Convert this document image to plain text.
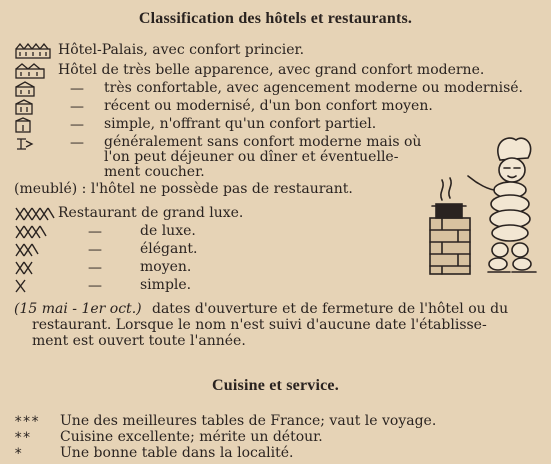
Classification des hôtels et restaurants.
Hôtel-Palais, avec confort princier.
Hôtel de très belle apparence, avec grand confort moderne.
— très confortable, avec agencement moderne ou modernisé.
— récent ou modernisé, d'un bon confort moyen.
— simple, n'offrant qu'un confort partiel.
— généralement sans confort moderne mais où
l'on peut déjeuner ou dîner et éventuelle-
ment coucher.
(meublé) : l'hôtel ne possède pas de restaurant.
Restaurant de grand luxe.
—	de luxe.
—	élégant.
—	moyen.
—	simple.
(15 mai - 1er oct.) dates d'ouverture et de fermeture de l'hôtel ou du
restaurant. Lorsque le nom n'est suivi d'aucune date l'établisse-
ment est ouvert toute l'année.
Cuisine et service.
*** Une des meilleures tables de France; vaut le voyage.
** Cuisine excellente; mérite un détour.
*	Une bonne table dans la localité.
